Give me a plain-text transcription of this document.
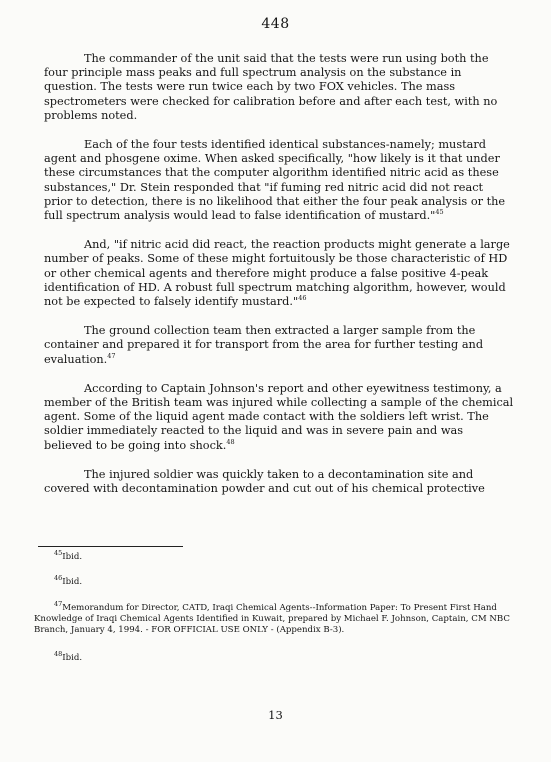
448

The commander of the unit said that the tests were run using both the four principle mass peaks and full spectrum analysis on the substance in question. The tests were run twice each by two FOX vehicles. The mass spectrometers were checked for calibration before and after each test, with no problems noted.

Each of the four tests identified identical substances-namely; mustard agent and phosgene oxime. When asked specifically, "how likely is it that under these circumstances that the computer algorithm identified nitric acid as these substances," Dr. Stein responded that "if fuming red nitric acid did not react prior to detection, there is no likelihood that either the four peak analysis or the full spectrum analysis would lead to false identification of mustard."$^{45}$

And, "if nitric acid did react, the reaction products might generate a large number of peaks. Some of these might fortuitously be those characteristic of HD or other chemical agents and therefore might produce a false positive 4-peak identification of HD. A robust full spectrum matching algorithm, however, would not be expected to falsely identify mustard."$^{46}$

The ground collection team then extracted a larger sample from the container and prepared it for transport from the area for further testing and evaluation.$^{47}$

According to Captain Johnson's report and other eyewitness testimony, a member of the British team was injured while collecting a sample of the chemical agent. Some of the liquid agent made contact with the soldiers left wrist. The soldier immediately reacted to the liquid and was in severe pain and was believed to be going into shock.$^{48}$

The injured soldier was quickly taken to a decontamination site and covered with decontamination powder and cut out of his chemical protective

$^{45}$Ibid.

$^{46}$Ibid.

$^{47}$Memorandum for Director, CATD, Iraqi Chemical Agents--Information Paper: To Present First Hand Knowledge of Iraqi Chemical Agents Identified in Kuwait, prepared by Michael F. Johnson, Captain, CM NBC Branch, January 4, 1994. - FOR OFFICIAL USE ONLY - (Appendix B-3).

$^{48}$Ibid.

13
